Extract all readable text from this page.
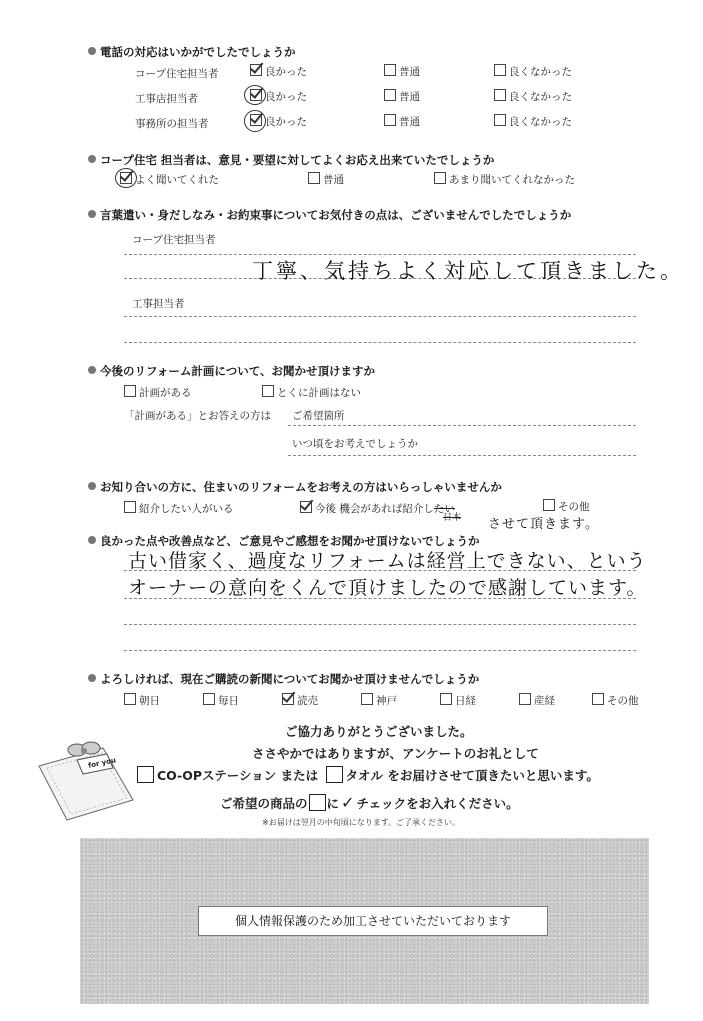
電話の対応はいかがでしたでしょうか
コープ住宅担当者	良かった	普通	良くなかった
工事店担当者	良かった	普通	良くなかった
事務所の担当者	良かった	普通	良くなかった
コープ住宅 担当者は、意見・要望に対してよくお応え出来ていたでしょうか
よく聞いてくれた	普通	あまり聞いてくれなかった
言葉遣い・身だしなみ・お約束事についてお気付きの点は、ございませんでしたでしょうか
コープ住宅担当者
工事担当者
丁寧、気持ちよく対応して頂きました。
今後のリフォーム計画について、お聞かせ頂けますか
計画がある	とくに計画はない
「計画がある」とお答えの方は ご希望箇所
いつ頃をお考えでしょうか
お知り合いの方に、住まいのリフォームをお考えの方はいらっしゃいませんか
紹介したい人がいる	今後 機会があれば紹介したい	その他
日本 させて頂きます。
良かった点や改善点など、ご意見やご感想をお聞かせ頂けないでしょうか
古い借家く、過度なリフォームは経営上できない、という
オーナーの意向をくんで頂けましたので感謝しています。
よろしければ、現在ご購読の新聞についてお聞かせ頂けませんでしょうか
朝日	毎日	読売	神戸	日経	産経	その他
for you
ご協力ありがとうございました。
ささやかではありますが、アンケートのお礼として
CO-OPステーション または タオル をお届けさせて頂きたいと思います。
ご希望の商品の に ✓ チェックをお入れください。
※お届けは翌月の中旬頃になります。ご了承ください。
個人情報保護のため加工させていただいております
